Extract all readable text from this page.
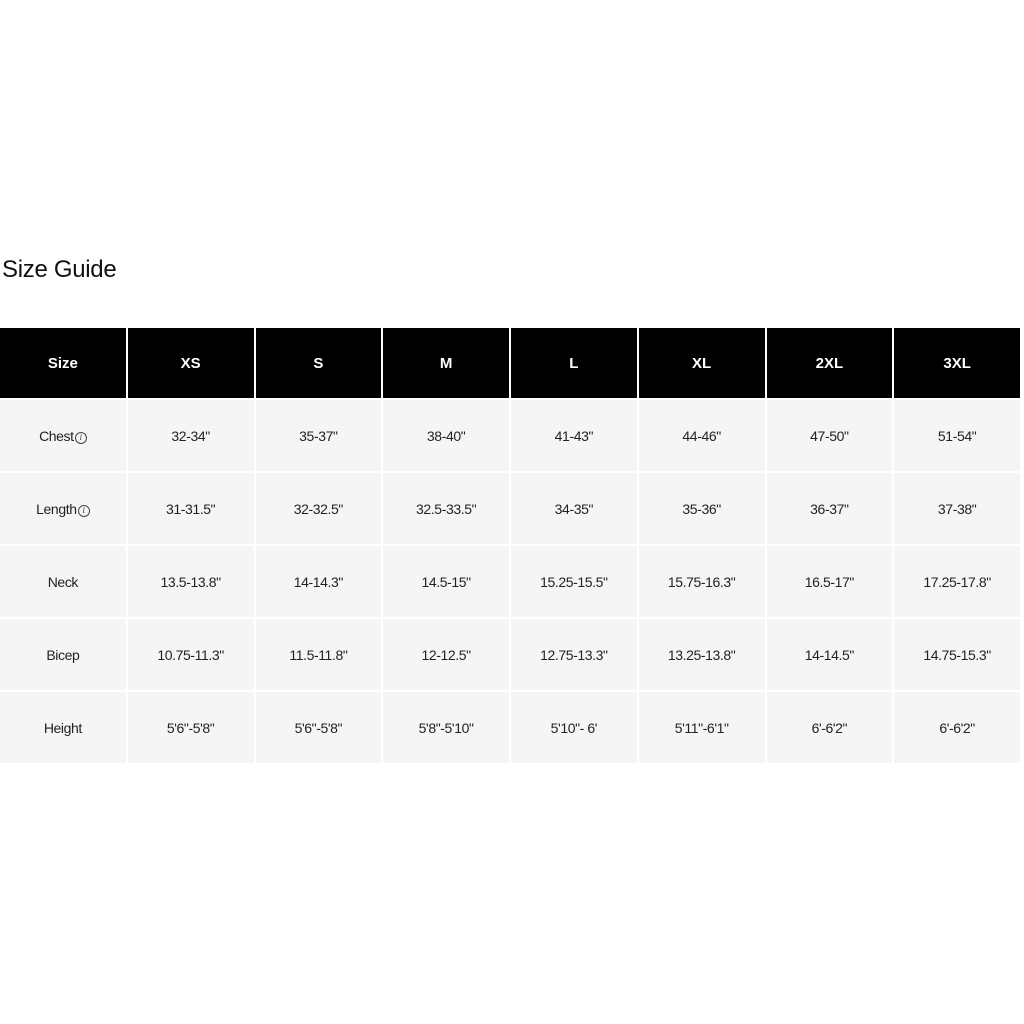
Size Guide
Size	XS	S	M	L	XL	2XL	3XL
Chest i	32-34"	35-37"	38-40"	41-43"	44-46"	47-50"	51-54"
Length i	31-31.5"	32-32.5"	32.5-33.5"	34-35"	35-36"	36-37"	37-38"
Neck	13.5-13.8"	14-14.3"	14.5-15"	15.25-15.5"	15.75-16.3"	16.5-17"	17.25-17.8"
Bicep	10.75-11.3"	11.5-11.8"	12-12.5"	12.75-13.3"	13.25-13.8"	14-14.5"	14.75-15.3"
Height	5'6"-5'8"	5'6"-5'8"	5'8"-5'10"	5'10"- 6'	5'11"-6'1"	6'-6'2"	6'-6'2"
